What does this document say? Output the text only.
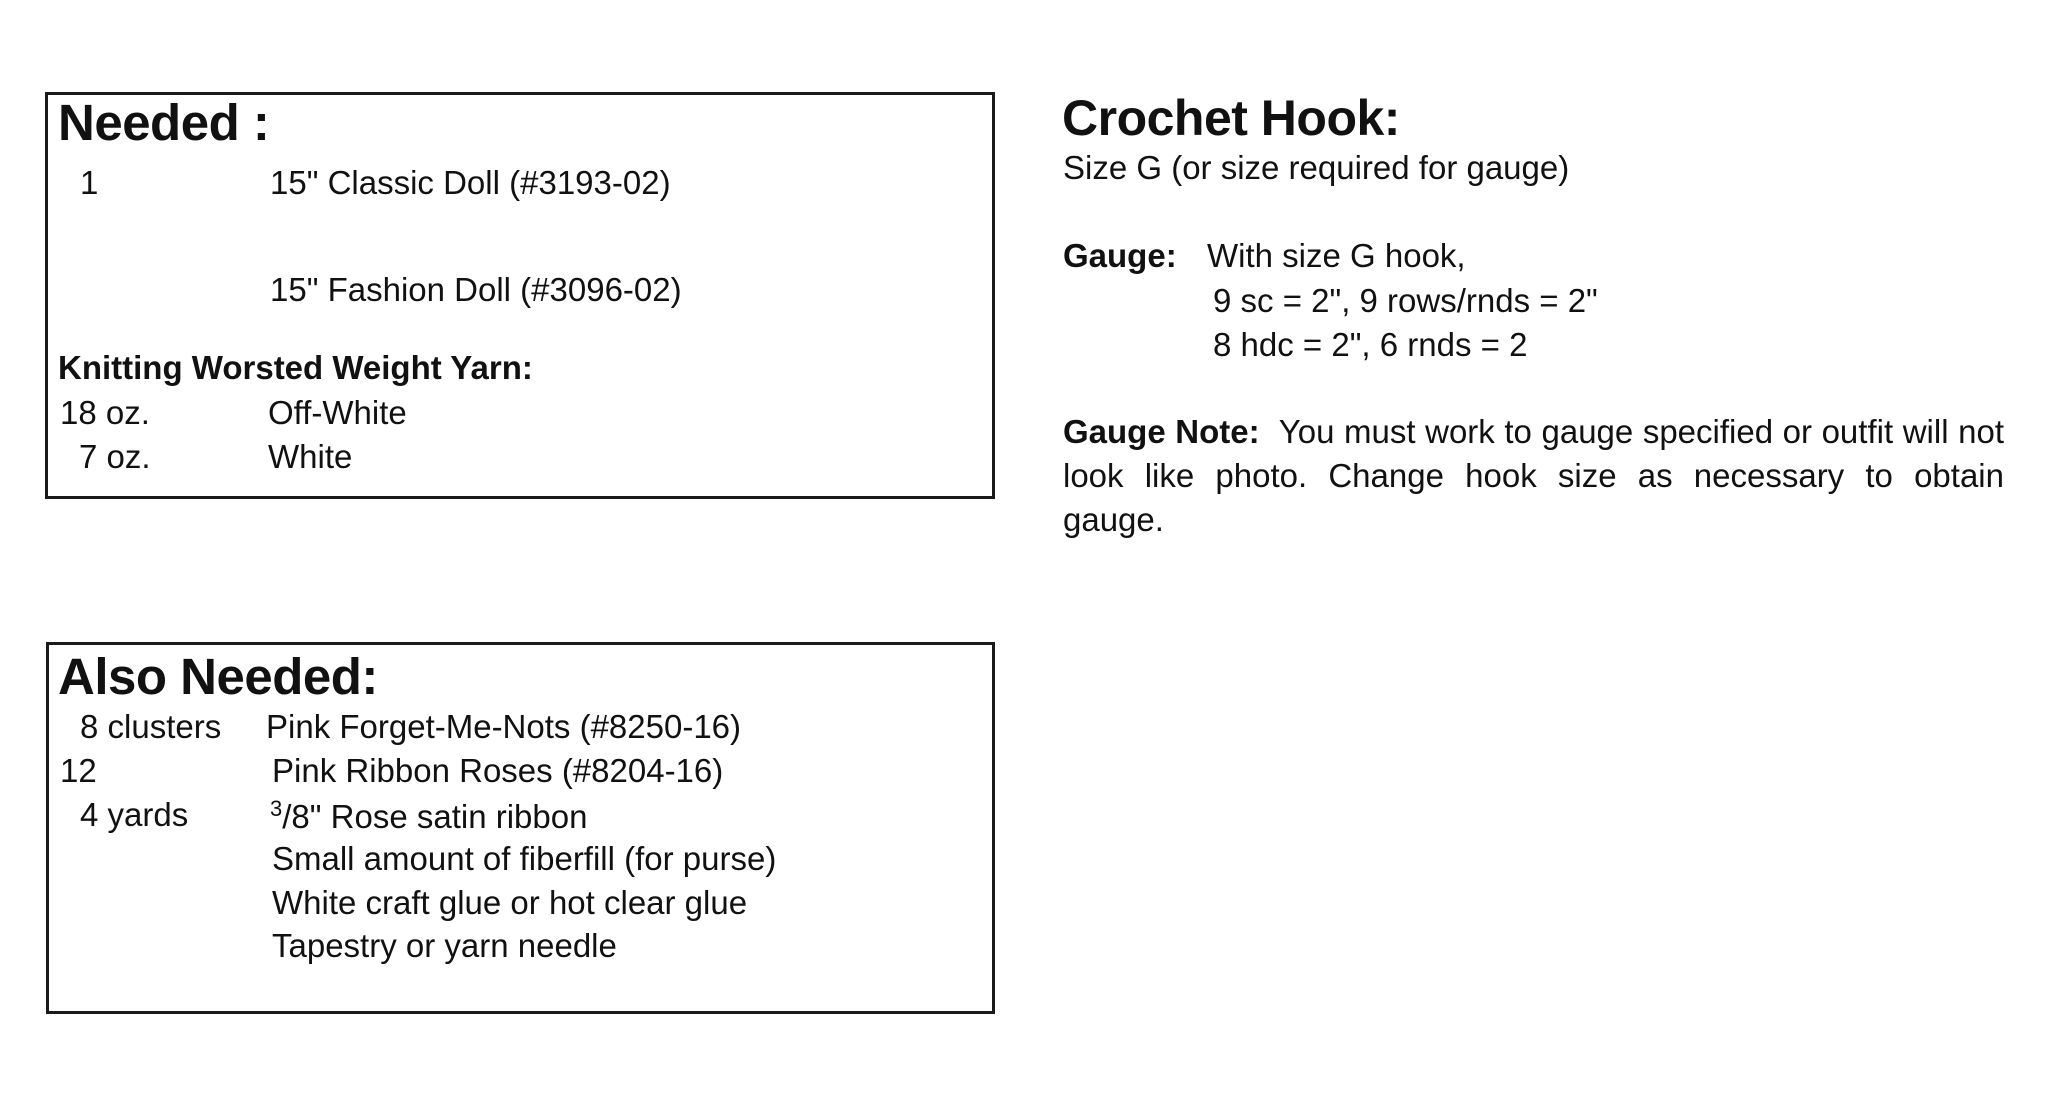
Needed :
1	15" Classic Doll (#3193-02)
15" Fashion Doll (#3096-02)
Knitting Worsted Weight Yarn:
18 oz.	Off-White
7 oz.	White
Also Needed:
8 clusters Pink Forget-Me-Nots (#8250-16)
12	Pink Ribbon Roses (#8204-16)
4 yards	$^3$/8" Rose satin ribbon
Small amount of fiberfill (for purse)
White craft glue or hot clear glue
Tapestry or yarn needle
Crochet Hook:
Size G (or size required for gauge)
Gauge: With size G hook,
9 sc = 2", 9 rows/rnds = 2"
8 hdc = 2", 6 rnds = 2
Gauge Note: You must work to gauge specified or outfit will not look like photo. Change hook size as necessary to obtain gauge.
